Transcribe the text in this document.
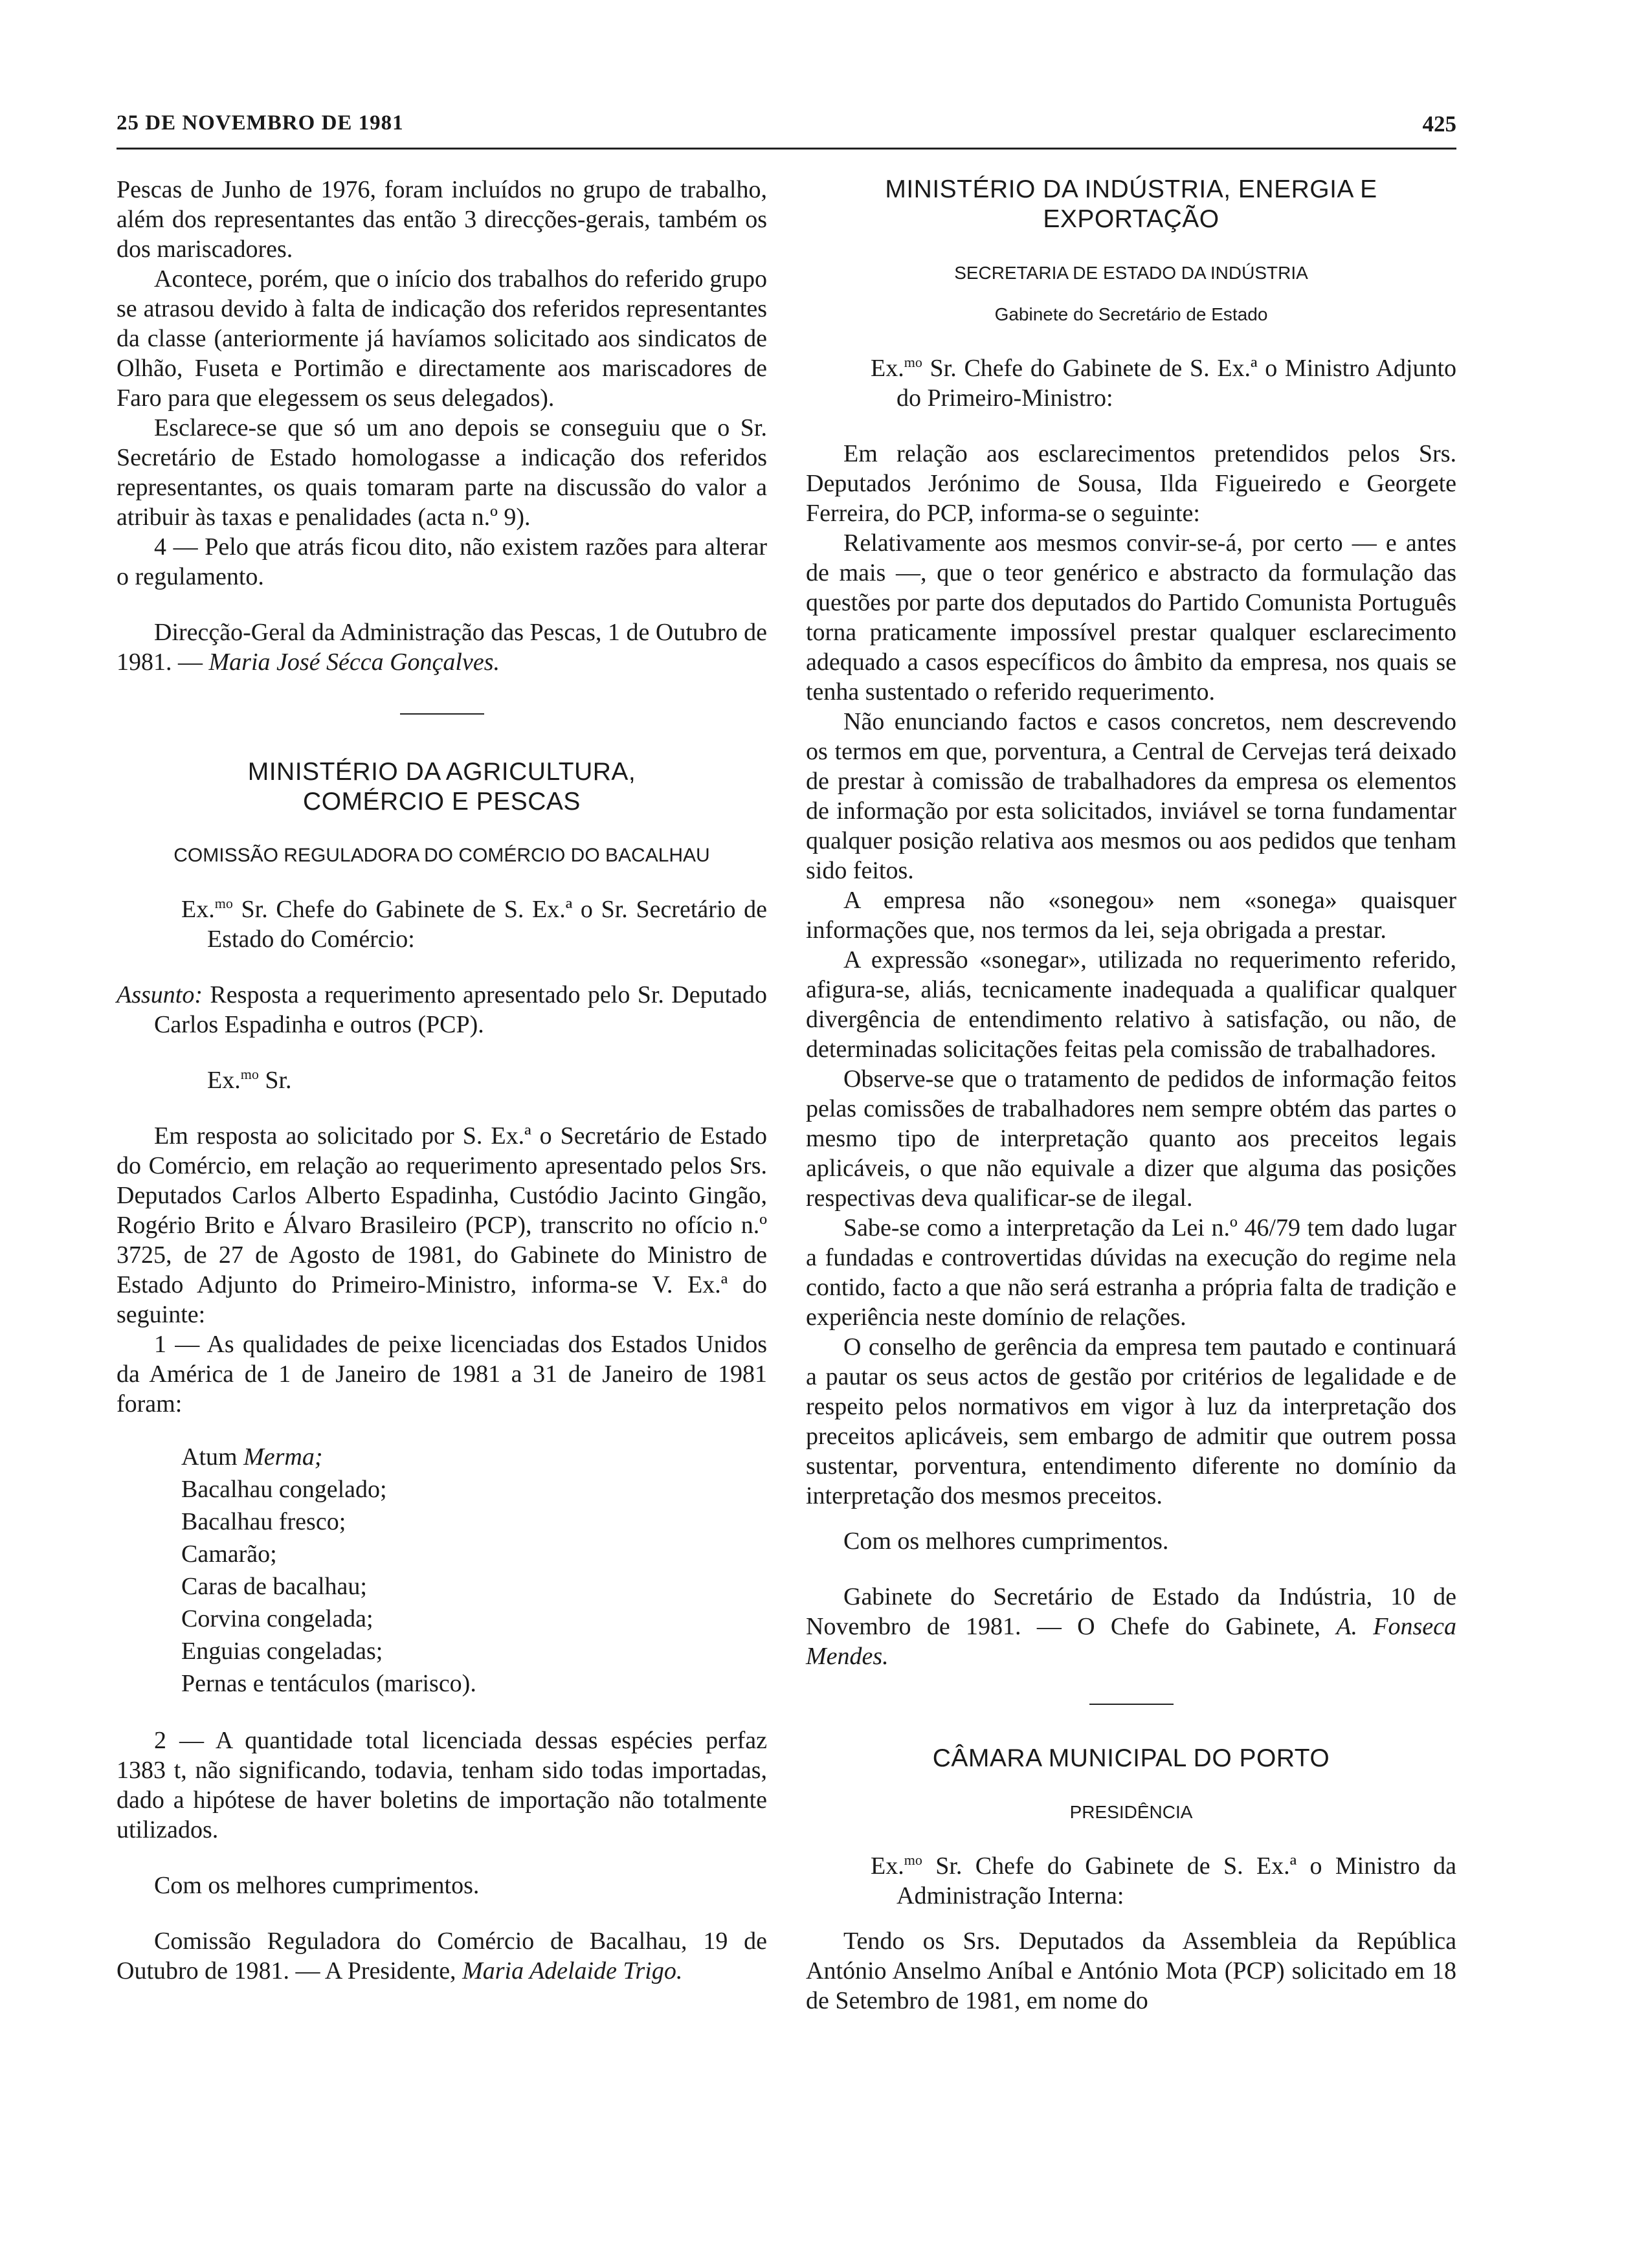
25 DE NOVEMBRO DE 1981	425

Pescas de Junho de 1976, foram incluídos no grupo de trabalho, além dos representantes das então 3 direcções-gerais, também os dos mariscadores.

Acontece, porém, que o início dos trabalhos do referido grupo se atrasou devido à falta de indicação dos referidos representantes da classe (anteriormente já havíamos solicitado aos sindicatos de Olhão, Fuseta e Portimão e directamente aos mariscadores de Faro para que elegessem os seus delegados).

Esclarece-se que só um ano depois se conseguiu que o Sr. Secretário de Estado homologasse a indicação dos referidos representantes, os quais tomaram parte na discussão do valor a atribuir às taxas e penalidades (acta n.º 9).

4 — Pelo que atrás ficou dito, não existem razões para alterar o regulamento.

Direcção-Geral da Administração das Pescas, 1 de Outubro de 1981. — Maria José Sécca Gonçalves.

MINISTÉRIO DA AGRICULTURA, COMÉRCIO E PESCAS

COMISSÃO REGULADORA DO COMÉRCIO DO BACALHAU

Ex.$^{mo}$ Sr. Chefe do Gabinete de S. Ex.ª o Sr. Secretário de Estado do Comércio:

Assunto: Resposta a requerimento apresentado pelo Sr. Deputado Carlos Espadinha e outros (PCP).

Ex.$^{mo}$ Sr.

Em resposta ao solicitado por S. Ex.ª o Secretário de Estado do Comércio, em relação ao requerimento apresentado pelos Srs. Deputados Carlos Alberto Espadinha, Custódio Jacinto Gingão, Rogério Brito e Álvaro Brasileiro (PCP), transcrito no ofício n.º 3725, de 27 de Agosto de 1981, do Gabinete do Ministro de Estado Adjunto do Primeiro-Ministro, informa-se V. Ex.ª do seguinte:

1 — As qualidades de peixe licenciadas dos Estados Unidos da América de 1 de Janeiro de 1981 a 31 de Janeiro de 1981 foram:

Atum Merma;
Bacalhau congelado;
Bacalhau fresco;
Camarão;
Caras de bacalhau;
Corvina congelada;
Enguias congeladas;
Pernas e tentáculos (marisco).

2 — A quantidade total licenciada dessas espécies perfaz 1383 t, não significando, todavia, tenham sido todas importadas, dado a hipótese de haver boletins de importação não totalmente utilizados.

Com os melhores cumprimentos.

Comissão Reguladora do Comércio de Bacalhau, 19 de Outubro de 1981. — A Presidente, Maria Adelaide Trigo.

MINISTÉRIO DA INDÚSTRIA, ENERGIA E EXPORTAÇÃO

SECRETARIA DE ESTADO DA INDÚSTRIA

Gabinete do Secretário de Estado

Ex.$^{mo}$ Sr. Chefe do Gabinete de S. Ex.ª o Ministro Adjunto do Primeiro-Ministro:

Em relação aos esclarecimentos pretendidos pelos Srs. Deputados Jerónimo de Sousa, Ilda Figueiredo e Georgete Ferreira, do PCP, informa-se o seguinte:

Relativamente aos mesmos convir-se-á, por certo — e antes de mais —, que o teor genérico e abstracto da formulação das questões por parte dos deputados do Partido Comunista Português torna praticamente impossível prestar qualquer esclarecimento adequado a casos específicos do âmbito da empresa, nos quais se tenha sustentado o referido requerimento.

Não enunciando factos e casos concretos, nem descrevendo os termos em que, porventura, a Central de Cervejas terá deixado de prestar à comissão de trabalhadores da empresa os elementos de informação por esta solicitados, inviável se torna fundamentar qualquer posição relativa aos mesmos ou aos pedidos que tenham sido feitos.

A empresa não «sonegou» nem «sonega» quaisquer informações que, nos termos da lei, seja obrigada a prestar.

A expressão «sonegar», utilizada no requerimento referido, afigura-se, aliás, tecnicamente inadequada a qualificar qualquer divergência de entendimento relativo à satisfação, ou não, de determinadas solicitações feitas pela comissão de trabalhadores.

Observe-se que o tratamento de pedidos de informação feitos pelas comissões de trabalhadores nem sempre obtém das partes o mesmo tipo de interpretação quanto aos preceitos legais aplicáveis, o que não equivale a dizer que alguma das posições respectivas deva qualificar-se de ilegal.

Sabe-se como a interpretação da Lei n.º 46/79 tem dado lugar a fundadas e controvertidas dúvidas na execução do regime nela contido, facto a que não será estranha a própria falta de tradição e experiência neste domínio de relações.

O conselho de gerência da empresa tem pautado e continuará a pautar os seus actos de gestão por critérios de legalidade e de respeito pelos normativos em vigor à luz da interpretação dos preceitos aplicáveis, sem embargo de admitir que outrem possa sustentar, porventura, entendimento diferente no domínio da interpretação dos mesmos preceitos.

Com os melhores cumprimentos.

Gabinete do Secretário de Estado da Indústria, 10 de Novembro de 1981. — O Chefe do Gabinete, A. Fonseca Mendes.

CÂMARA MUNICIPAL DO PORTO

PRESIDÊNCIA

Ex.$^{mo}$ Sr. Chefe do Gabinete de S. Ex.ª o Ministro da Administração Interna:

Tendo os Srs. Deputados da Assembleia da República António Anselmo Aníbal e António Mota (PCP) solicitado em 18 de Setembro de 1981, em nome do
